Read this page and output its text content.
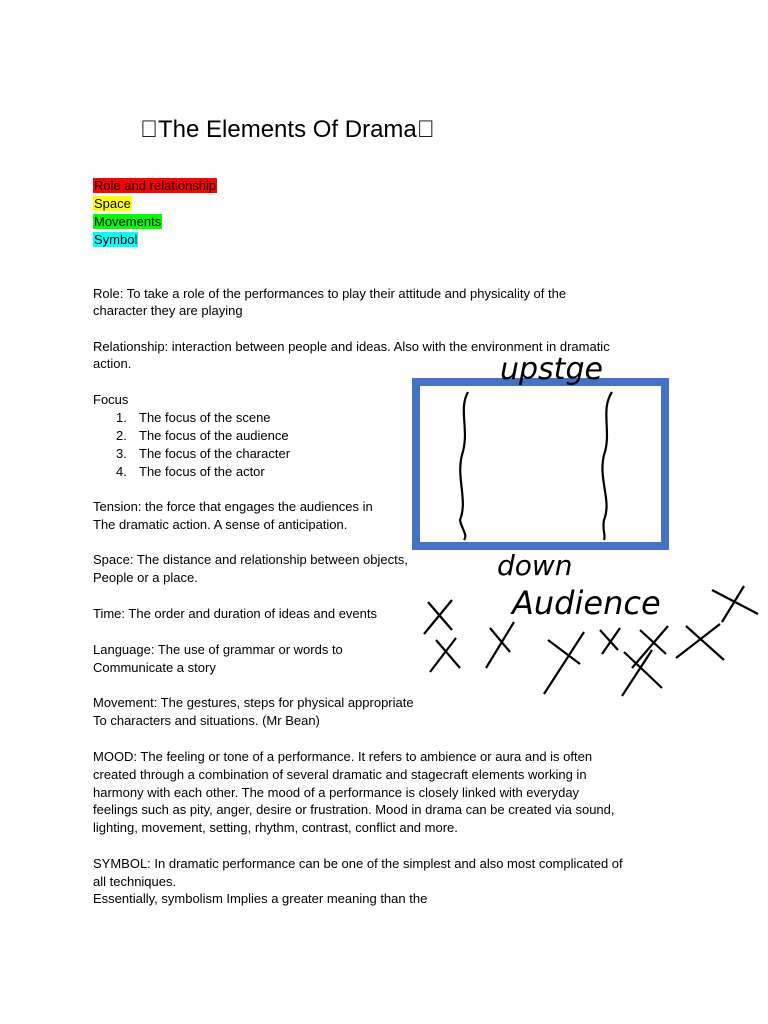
 The Elements Of Drama 
Role and relationship
Space
Movements
Symbol
Role: To take a role of the performances to play their attitude and physicality of the
character they are playing
Relationship: interaction between people and ideas. Also with the environment in dramatic
action.
Focus
1. The focus of the scene
2. The focus of the audience
3. The focus of the character
4. The focus of the actor
Tension: the force that engages the audiences in
The dramatic action. A sense of anticipation.
Space: The distance and relationship between objects,
People or a place.
Time: The order and duration of ideas and events
Language: The use of grammar or words to
Communicate a story
Movement: The gestures, steps for physical appropriate
To characters and situations. (Mr Bean)
MOOD: The feeling or tone of a performance. It refers to ambience or aura and is often
created through a combination of several dramatic and stagecraft elements working in
harmony with each other. The mood of a performance is closely linked with everyday
feelings such as pity, anger, desire or frustration. Mood in drama can be created via sound,
lighting, movement, setting, rhythm, contrast, conflict and more.
SYMBOL: In dramatic performance can be one of the simplest and also most complicated of
all techniques.
Essentially, symbolism Implies a greater meaning than the
upstge
down
Audience
